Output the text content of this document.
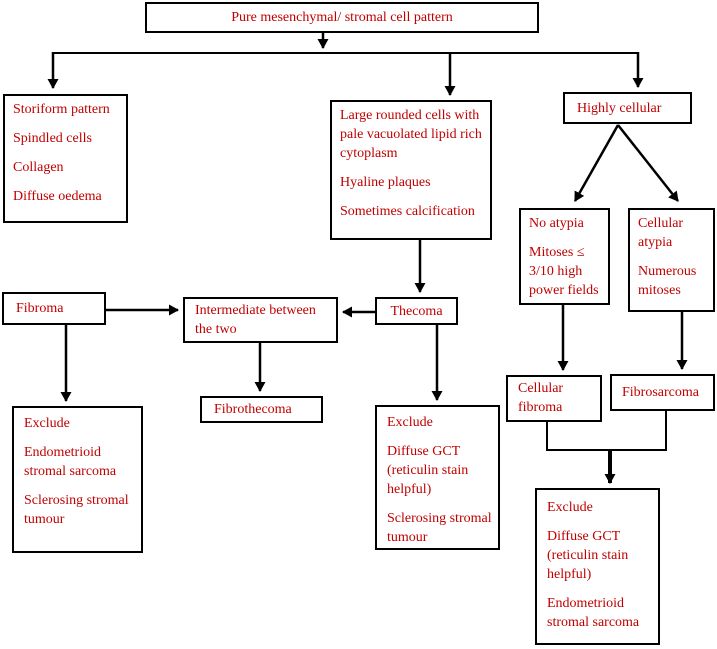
Pure mesenchymal/ stromal cell pattern

Storiform pattern

Spindled cells

Collagen

Diffuse oedema

Large rounded cells with pale vacuolated lipid rich cytoplasm

Hyaline plaques

Sometimes calcification

Highly cellular

No atypia

Mitoses ≤ 3/10 high power fields

Cellular atypia

Numerous mitoses

Fibroma	Intermediate between the two
Thecoma
Fibrothecoma

Exclude

Endometrioid stromal sarcoma

Sclerosing stromal tumour

Exclude

Diffuse GCT (reticulin stain helpful)

Sclerosing stromal tumour

Cellular fibroma
Fibrosarcoma

Exclude

Diffuse GCT (reticulin stain helpful)

Endometrioid stromal sarcoma
